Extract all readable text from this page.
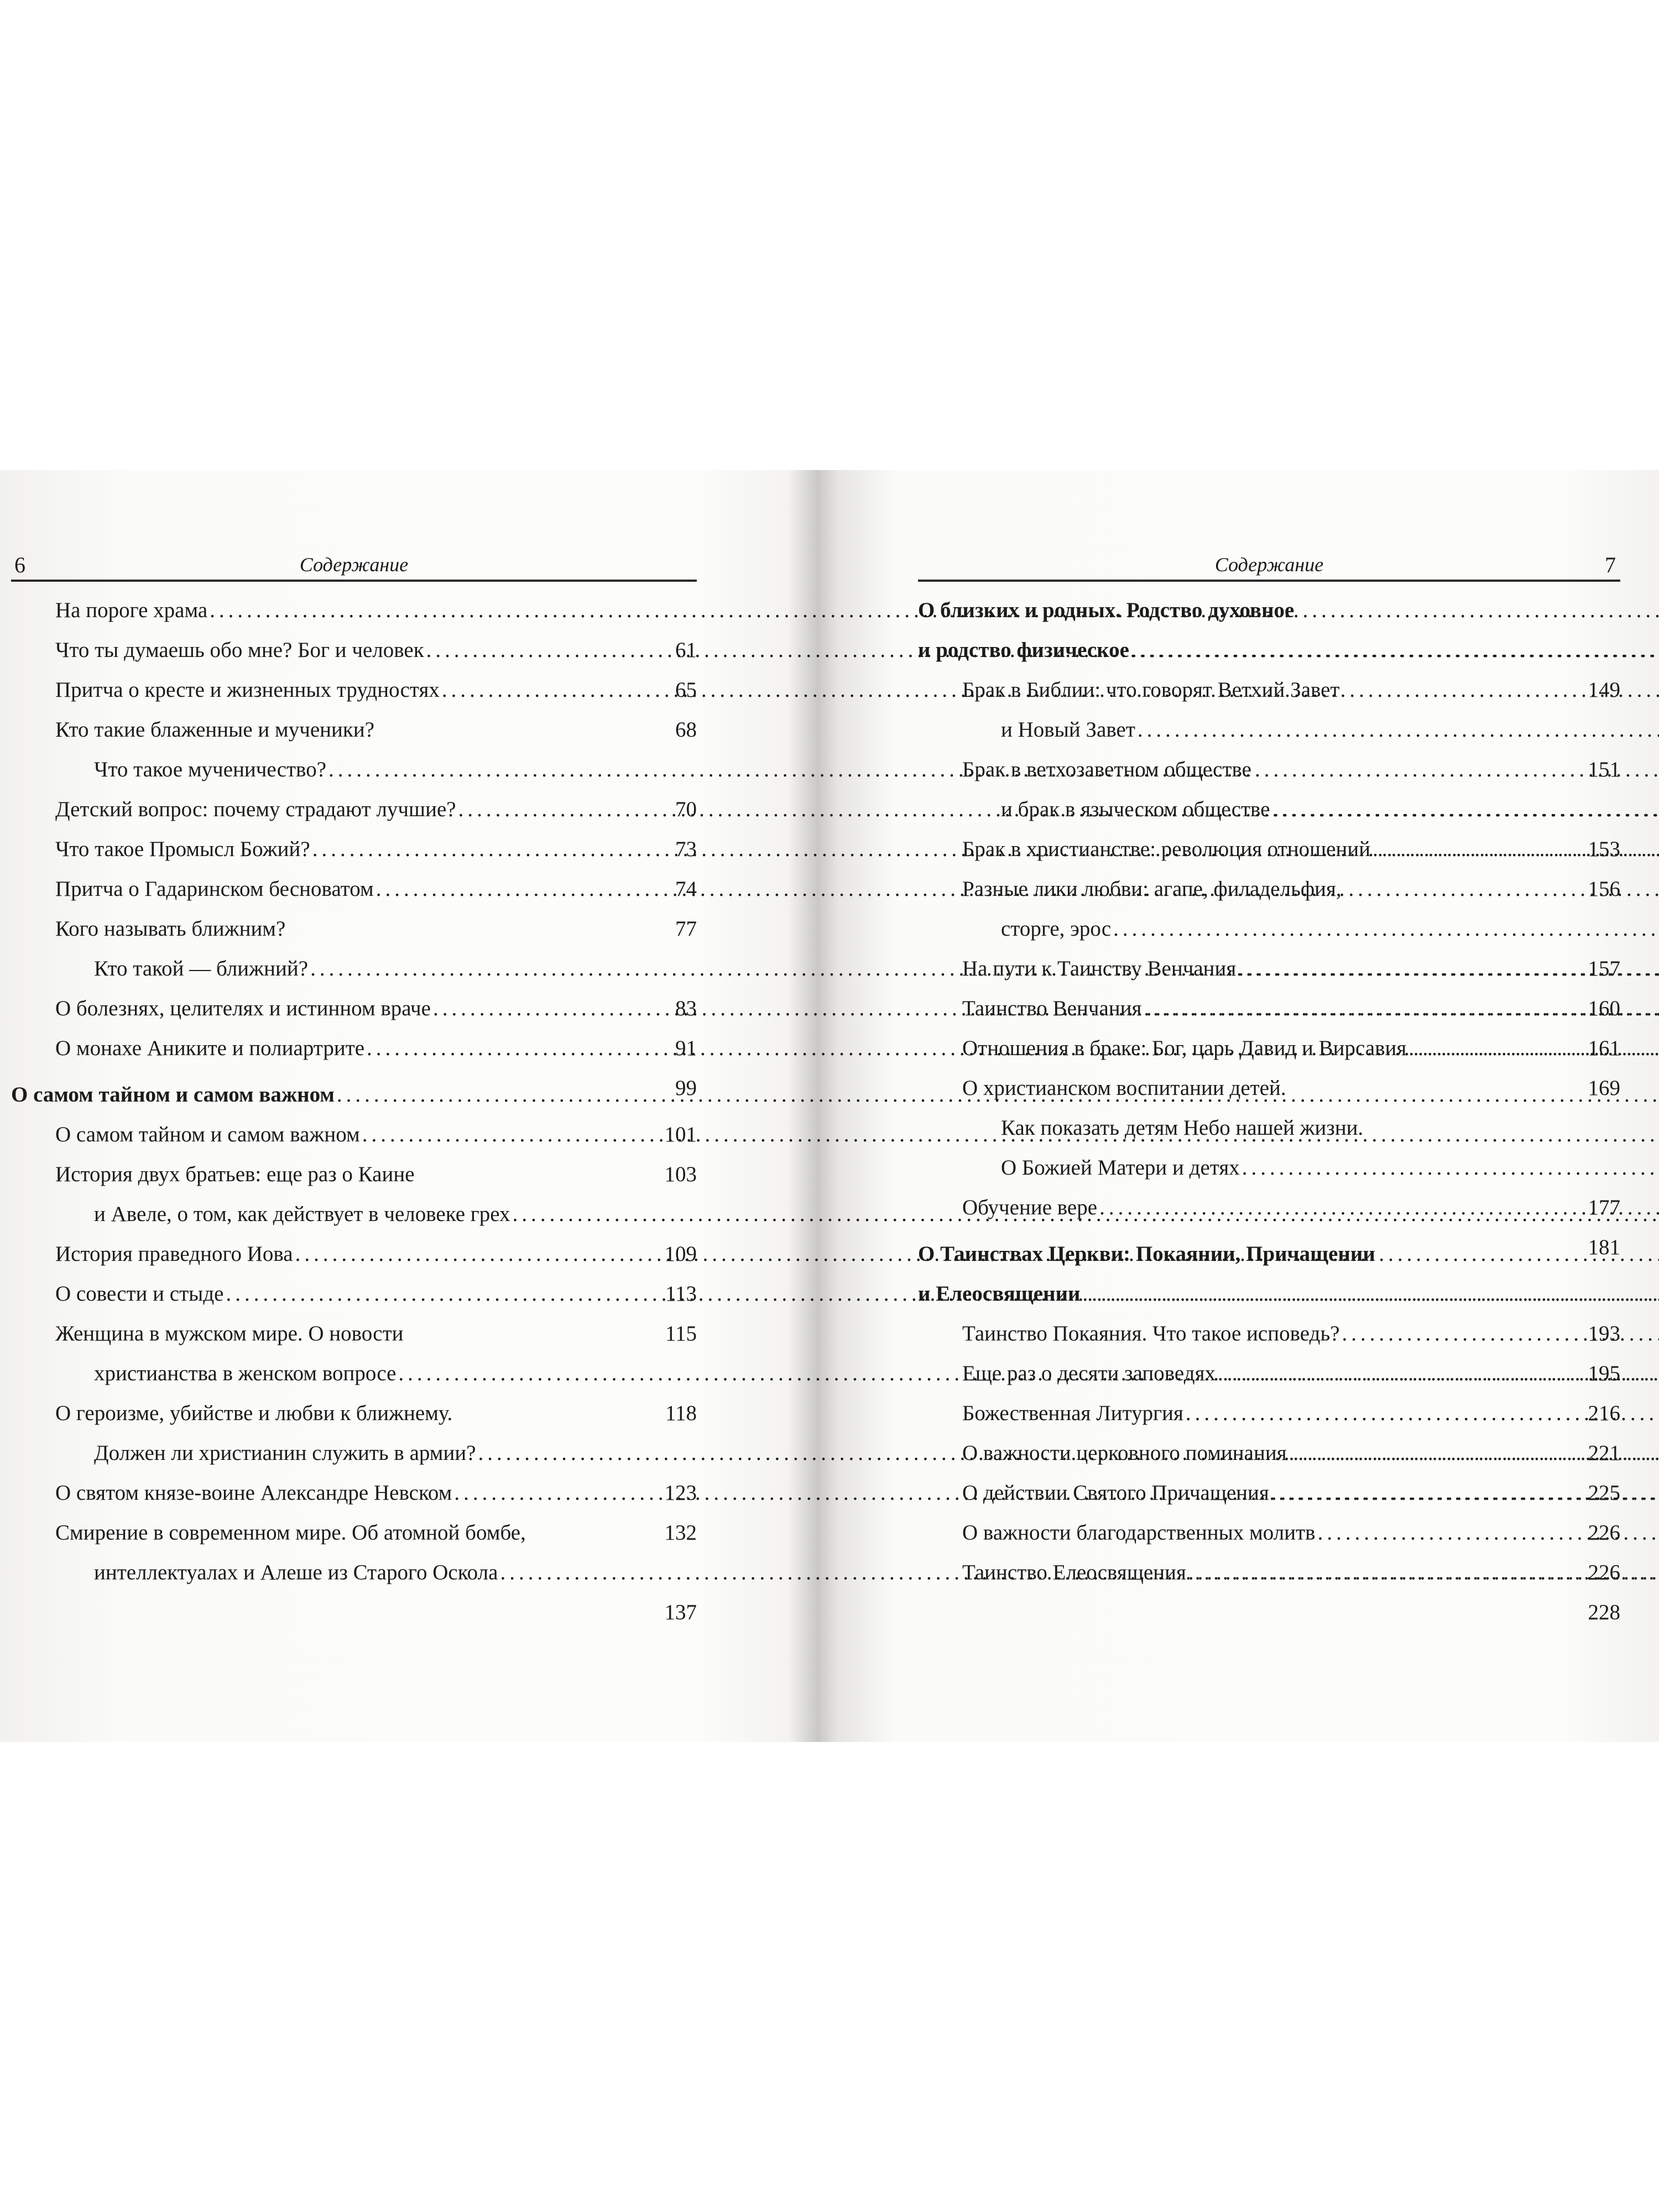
6	Содержание
На пороге храма .....
61
Что ты думаешь обо мне? Бог и человек .....
65
Притча о кресте и жизненных трудностях .....
68
Кто такие блаженные и мученики?
Что такое мученичество? .....
70
Детский вопрос: почему страдают лучшие? .....
73
Что такое Промысл Божий? .....
74
Притча о Гадаринском бесноватом .....
77
Кого называть ближним?
Кто такой — ближний? .....
83
О болезнях, целителях и истинном враче .....
91
О монахе Аниките и полиартрите .....
99
О самом тайном и самом важном .....
101
О самом тайном и самом важном .....
103
История двух братьев: еще раз о Каине
и Авеле, о том, как действует в человеке грех .....
109
История праведного Иова .....
113
О совести и стыде .....
115
Женщина в мужском мире. О новости
христианства в женском вопросе .....
118
О героизме, убийстве и любви к ближнему.
Должен ли христианин служить в армии? .....
123
О святом князе-воине Александре Невском .....
132
Смирение в современном мире. Об атомной бомбе,
интеллектуалах и Алеше из Старого Оскола .....
137
Содержание	7
О близких и родных. Родство духовное
и родство физическое .....
149
Брак в Библии: что говорят Ветхий Завет
и Новый Завет .....
151
Брак в ветхозаветном обществе
и брак в языческом обществе .....
153
Брак в христианстве: революция отношений .....
156
Разные лики любви: агапе, филадельфия,
сторге, эрос .....
157
На пути к Таинству Венчания .....
160
Таинство Венчания .....
161
Отношения в браке: Бог, царь Давид и Вирсавия .....
169
О христианском воспитании детей.
Как показать детям Небо нашей жизни.
О Божией Матери и детях .....
177
Обучение вере .....
181
О Таинствах Церкви: Покаянии, Причащении
и Елеосвящении .....
193
Таинство Покаяния. Что такое исповедь? .....
195
Еще раз о десяти заповедях .....
216
Божественная Литургия .....
221
О важности церковного поминания .....
225
О действии Святого Причащения .....
226
О важности благодарственных молитв .....
226
Таинство Елеосвящения .....
228
